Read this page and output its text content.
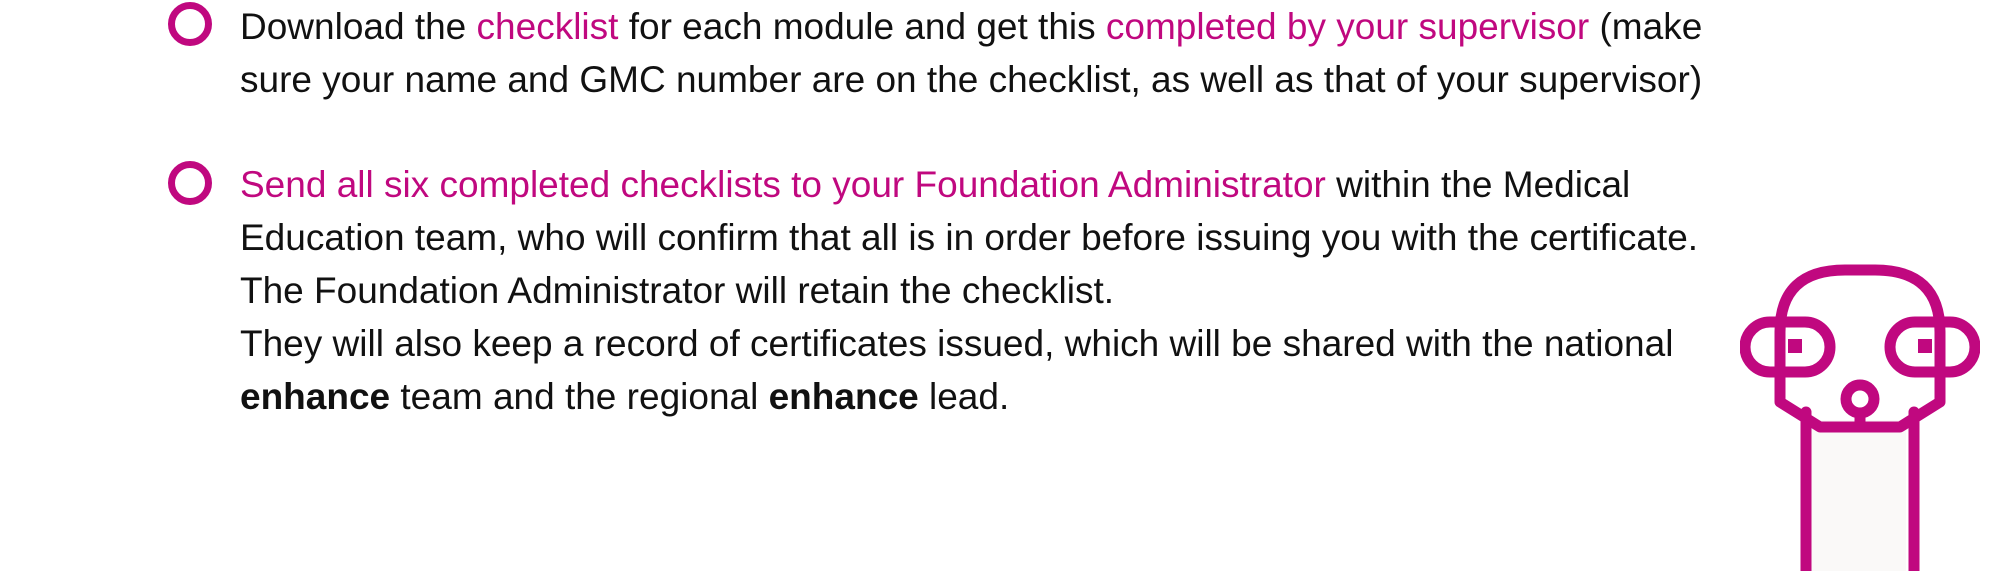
Download the checklist for each module and get this completed by your supervisor (make
sure your name and GMC number are on the checklist, as well as that of your supervisor)

Send all six completed checklists to your Foundation Administrator within the Medical
Education team, who will confirm that all is in order before issuing you with the certificate.
The Foundation Administrator will retain the checklist.
They will also keep a record of certificates issued, which will be shared with the national
enhance team and the regional enhance lead.
